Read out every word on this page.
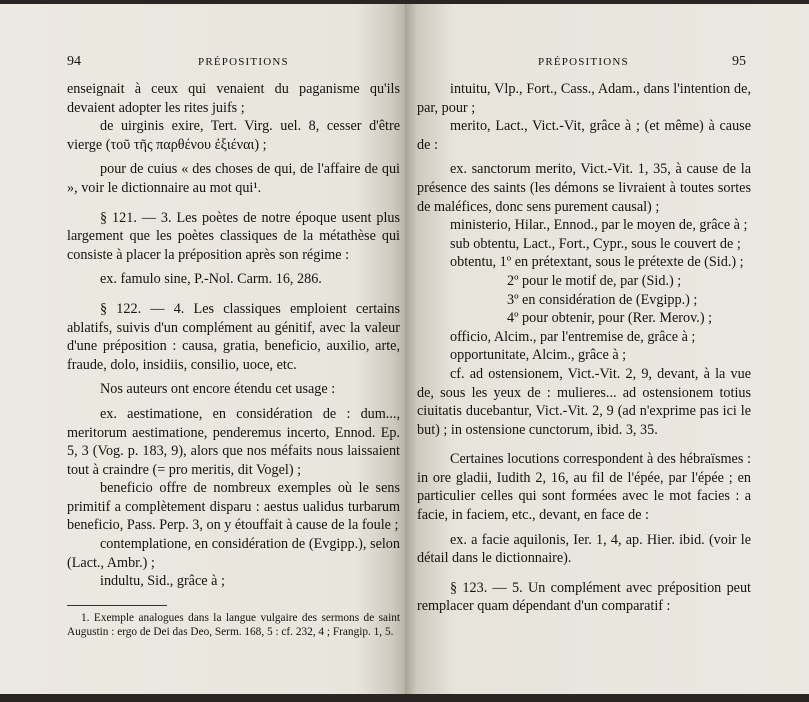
94	PRÉPOSITIONS

enseignait à ceux qui venaient du paganisme qu'ils devaient adopter les rites juifs ;

de uirginis exire, Tert. Virg. uel. 8, cesser d'être vierge (τοῦ τῆς παρθένου ἐξιέναι) ;

pour de cuius « des choses de qui, de l'affaire de qui », voir le dictionnaire au mot qui¹.

§ 121. — 3. Les poètes de notre époque usent plus largement que les poètes classiques de la métathèse qui consiste à placer la préposition après son régime :

ex. famulo sine, P.-Nol. Carm. 16, 286.

§ 122. — 4. Les classiques emploient certains ablatifs, suivis d'un complément au génitif, avec la valeur d'une préposition : causa, gratia, beneficio, auxilio, arte, fraude, dolo, insidiis, consilio, uoce, etc.

Nos auteurs ont encore étendu cet usage :

ex. aestimatione, en considération de : dum..., meritorum aestimatione, penderemus incerto, Ennod. Ep. 5, 3 (Vog. p. 183, 9), alors que nos méfaits nous laissaient tout à craindre (= pro meritis, dit Vogel) ;

beneficio offre de nombreux exemples où le sens primitif a complètement disparu : aestus ualidus turbarum beneficio, Pass. Perp. 3, on y étouffait à cause de la foule ;

contemplatione, en considération de (Evgipp.), selon (Lact., Ambr.) ;

indultu, Sid., grâce à ;

1. Exemple analogues dans la langue vulgaire des sermons de saint Augustin : ergo de Dei das Deo, Serm. 168, 5 : cf. 232, 4 ; Frangip. 1, 5.

PRÉPOSITIONS	95

intuitu, Vlp., Fort., Cass., Adam., dans l'intention de, par, pour ;

merito, Lact., Vict.-Vit, grâce à ; (et même) à cause de :

ex. sanctorum merito, Vict.-Vit. 1, 35, à cause de la présence des saints (les démons se livraient à toutes sortes de maléfices, donc sens purement causal) ;

ministerio, Hilar., Ennod., par le moyen de, grâce à ;

sub obtentu, Lact., Fort., Cypr., sous le couvert de ;

obtentu, 1º en prétextant, sous le prétexte de (Sid.) ;

2º pour le motif de, par (Sid.) ;

3º en considération de (Evgipp.) ;

4º pour obtenir, pour (Rer. Merov.) ;

officio, Alcim., par l'entremise de, grâce à ;

opportunitate, Alcim., grâce à ;

cf. ad ostensionem, Vict.-Vit. 2, 9, devant, à la vue de, sous les yeux de : mulieres... ad ostensionem totius ciuitatis ducebantur, Vict.-Vit. 2, 9 (ad n'exprime pas ici le but) ; in ostensione cunctorum, ibid. 3, 35.

Certaines locutions correspondent à des hébraïsmes : in ore gladii, Iudith 2, 16, au fil de l'épée, par l'épée ; en particulier celles qui sont formées avec le mot facies : a facie, in faciem, etc., devant, en face de :

ex. a facie aquilonis, Ier. 1, 4, ap. Hier. ibid. (voir le détail dans le dictionnaire).

§ 123. — 5. Un complément avec préposition peut remplacer quam dépendant d'un comparatif :
